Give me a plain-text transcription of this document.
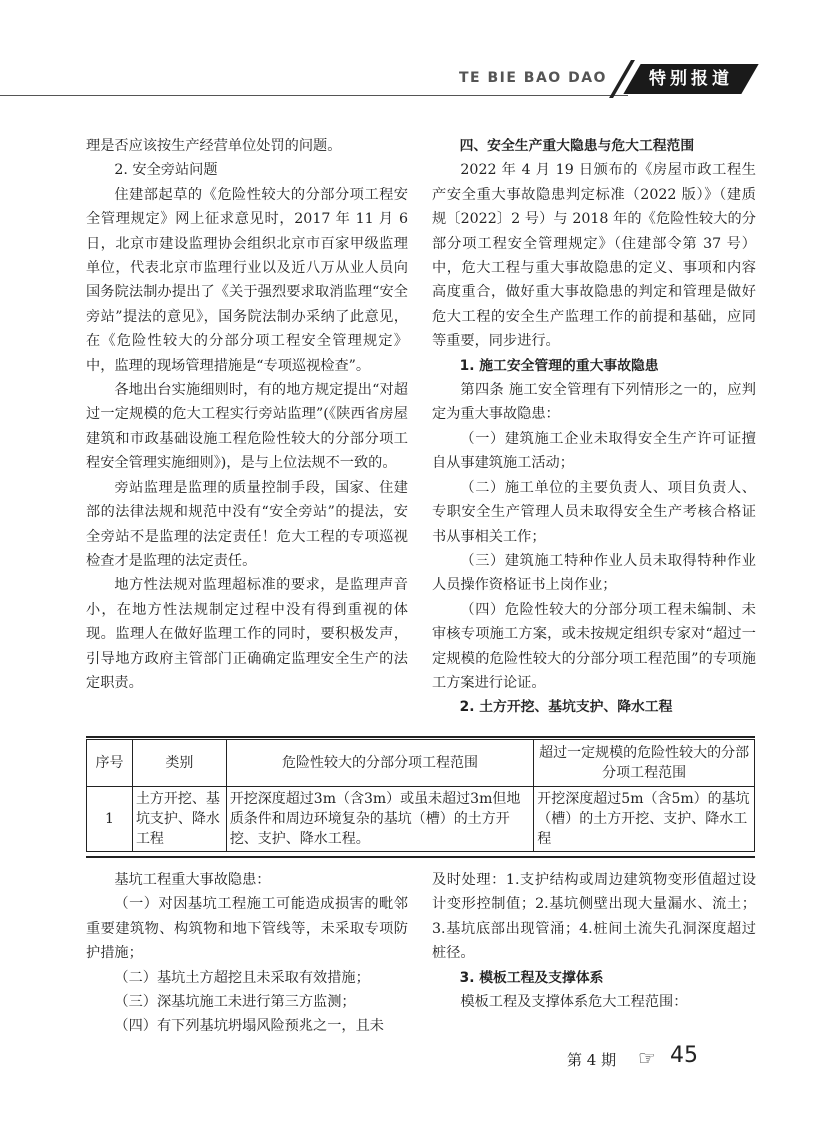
TE BIE BAO DAO	特别报道

理是否应该按生产经营单位处罚的问题。

2. 安全旁站问题

住建部起草的《危险性较大的分部分项工程安全管理规定》网上征求意见时，2017 年 11 月 6 日，北京市建设监理协会组织北京市百家甲级监理单位，代表北京市监理行业以及近八万从业人员向国务院法制办提出了《关于强烈要求取消监理“安全旁站”提法的意见》，国务院法制办采纳了此意见，在《危险性较大的分部分项工程安全管理规定》中，监理的现场管理措施是“专项巡视检查”。

各地出台实施细则时，有的地方规定提出“对超过一定规模的危大工程实行旁站监理”(《陕西省房屋建筑和市政基础设施工程危险性较大的分部分项工程安全管理实施细则》)，是与上位法规不一致的。

旁站监理是监理的质量控制手段，国家、住建部的法律法规和规范中没有“安全旁站”的提法，安全旁站不是监理的法定责任！危大工程的专项巡视检查才是监理的法定责任。

地方性法规对监理超标准的要求，是监理声音小，在地方性法规制定过程中没有得到重视的体现。监理人在做好监理工作的同时，要积极发声，引导地方政府主管部门正确确定监理安全生产的法定职责。

四、安全生产重大隐患与危大工程范围

2022 年 4 月 19 日颁布的《房屋市政工程生产安全重大事故隐患判定标准（2022 版）》（建质规〔2022〕2 号）与 2018 年的《危险性较大的分部分项工程安全管理规定》（住建部令第 37 号）中，危大工程与重大事故隐患的定义、事项和内容高度重合，做好重大事故隐患的判定和管理是做好危大工程的安全生产监理工作的前提和基础，应同等重要，同步进行。

1. 施工安全管理的重大事故隐患

第四条 施工安全管理有下列情形之一的，应判定为重大事故隐患：

（一）建筑施工企业未取得安全生产许可证擅自从事建筑施工活动；

（二）施工单位的主要负责人、项目负责人、专职安全生产管理人员未取得安全生产考核合格证书从事相关工作；

（三）建筑施工特种作业人员未取得特种作业人员操作资格证书上岗作业；

（四）危险性较大的分部分项工程未编制、未审核专项施工方案，或未按规定组织专家对“超过一定规模的危险性较大的分部分项工程范围”的专项施工方案进行论证。

2. 土方开挖、基坑支护、降水工程

序号	类别	危险性较大的分部分项工程范围	超过一定规模的危险性较大的分部分项工程范围
1	土方开挖、基坑支护、降水工程	开挖深度超过3m（含3m）或虽未超过3m但地质条件和周边环境复杂的基坑（槽）的土方开挖、支护、降水工程。	开挖深度超过5m（含5m）的基坑（槽）的土方开挖、支护、降水工程

基坑工程重大事故隐患：

（一）对因基坑工程施工可能造成损害的毗邻重要建筑物、构筑物和地下管线等，未采取专项防护措施；

（二）基坑土方超挖且未采取有效措施；

（三）深基坑施工未进行第三方监测；

（四）有下列基坑坍塌风险预兆之一，且未

及时处理：1.支护结构或周边建筑物变形值超过设计变形控制值；2.基坑侧壁出现大量漏水、流土；3.基坑底部出现管涌；4.桩间土流失孔洞深度超过桩径。

3. 模板工程及支撑体系

模板工程及支撑体系危大工程范围：

第 4 期 ☞ 45
